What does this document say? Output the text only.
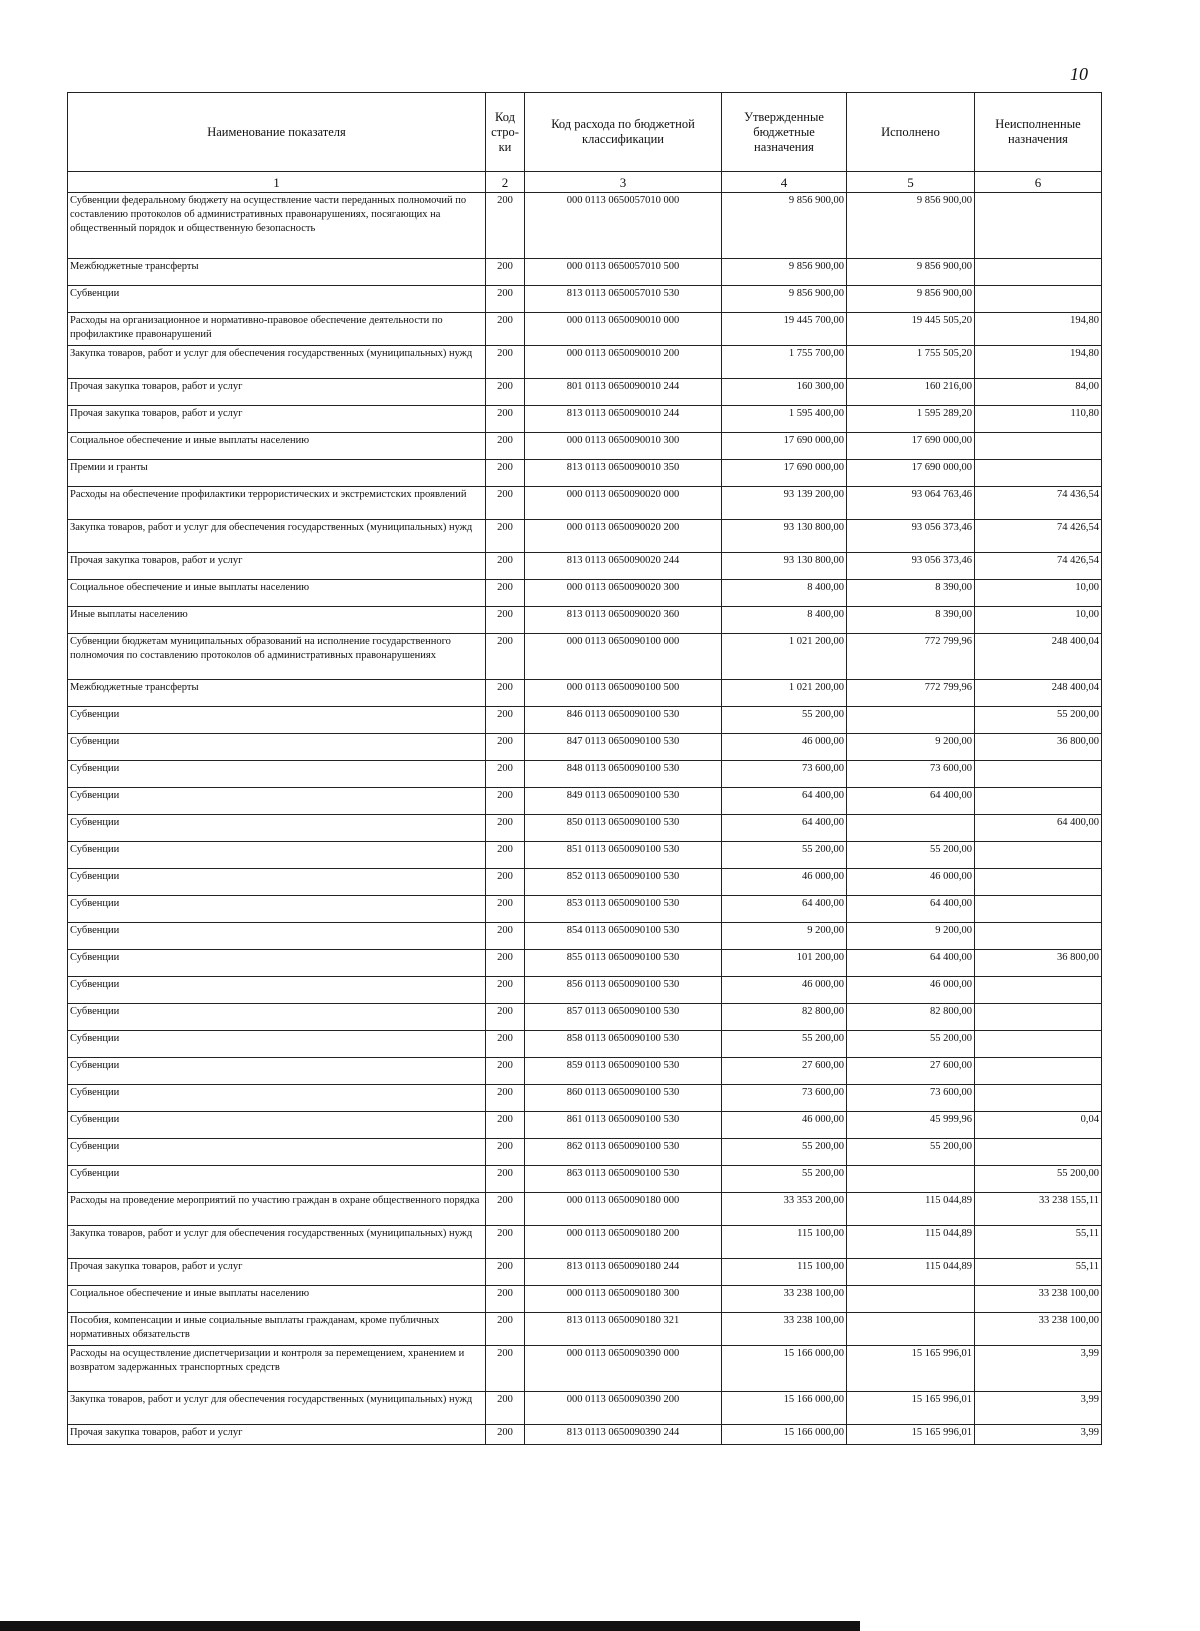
10
Наименование показателя	Код стро-ки	Код расхода по бюджетной классификации	Утвержденные бюджетные назначения	Исполнено	Неисполненные назначения
1	2	3	4	5	6
Субвенции федеральному бюджету на осуществление части переданных полномочий по составлению протоколов об административных правонарушениях, посягающих на общественный порядок и общественную безопасность	200	000 0113 0650057010 000	9 856 900,00	9 856 900,00	
Межбюджетные трансферты	200	000 0113 0650057010 500	9 856 900,00	9 856 900,00	
Субвенции	200	813 0113 0650057010 530	9 856 900,00	9 856 900,00	
Расходы на организационное и нормативно-правовое обеспечение деятельности по профилактике правонарушений	200	000 0113 0650090010 000	19 445 700,00	19 445 505,20	194,80
Закупка товаров, работ и услуг для обеспечения государственных (муниципальных) нужд	200	000 0113 0650090010 200	1 755 700,00	1 755 505,20	194,80
Прочая закупка товаров, работ и услуг	200	801 0113 0650090010 244	160 300,00	160 216,00	84,00
Прочая закупка товаров, работ и услуг	200	813 0113 0650090010 244	1 595 400,00	1 595 289,20	110,80
Социальное обеспечение и иные выплаты населению	200	000 0113 0650090010 300	17 690 000,00	17 690 000,00	
Премии и гранты	200	813 0113 0650090010 350	17 690 000,00	17 690 000,00	
Расходы на обеспечение профилактики террористических и экстремистских проявлений	200	000 0113 0650090020 000	93 139 200,00	93 064 763,46	74 436,54
Закупка товаров, работ и услуг для обеспечения государственных (муниципальных) нужд	200	000 0113 0650090020 200	93 130 800,00	93 056 373,46	74 426,54
Прочая закупка товаров, работ и услуг	200	813 0113 0650090020 244	93 130 800,00	93 056 373,46	74 426,54
Социальное обеспечение и иные выплаты населению	200	000 0113 0650090020 300	8 400,00	8 390,00	10,00
Иные выплаты населению	200	813 0113 0650090020 360	8 400,00	8 390,00	10,00
Субвенции бюджетам муниципальных образований на исполнение государственного полномочия по составлению протоколов об административных правонарушениях	200	000 0113 0650090100 000	1 021 200,00	772 799,96	248 400,04
Межбюджетные трансферты	200	000 0113 0650090100 500	1 021 200,00	772 799,96	248 400,04
Субвенции	200	846 0113 0650090100 530	55 200,00		55 200,00
Субвенции	200	847 0113 0650090100 530	46 000,00	9 200,00	36 800,00
Субвенции	200	848 0113 0650090100 530	73 600,00	73 600,00	
Субвенции	200	849 0113 0650090100 530	64 400,00	64 400,00	
Субвенции	200	850 0113 0650090100 530	64 400,00		64 400,00
Субвенции	200	851 0113 0650090100 530	55 200,00	55 200,00	
Субвенции	200	852 0113 0650090100 530	46 000,00	46 000,00	
Субвенции	200	853 0113 0650090100 530	64 400,00	64 400,00	
Субвенции	200	854 0113 0650090100 530	9 200,00	9 200,00	
Субвенции	200	855 0113 0650090100 530	101 200,00	64 400,00	36 800,00
Субвенции	200	856 0113 0650090100 530	46 000,00	46 000,00	
Субвенции	200	857 0113 0650090100 530	82 800,00	82 800,00	
Субвенции	200	858 0113 0650090100 530	55 200,00	55 200,00	
Субвенции	200	859 0113 0650090100 530	27 600,00	27 600,00	
Субвенции	200	860 0113 0650090100 530	73 600,00	73 600,00	
Субвенции	200	861 0113 0650090100 530	46 000,00	45 999,96	0,04
Субвенции	200	862 0113 0650090100 530	55 200,00	55 200,00	
Субвенции	200	863 0113 0650090100 530	55 200,00		55 200,00
Расходы на проведение мероприятий по участию граждан в охране общественного порядка	200	000 0113 0650090180 000	33 353 200,00	115 044,89	33 238 155,11
Закупка товаров, работ и услуг для обеспечения государственных (муниципальных) нужд	200	000 0113 0650090180 200	115 100,00	115 044,89	55,11
Прочая закупка товаров, работ и услуг	200	813 0113 0650090180 244	115 100,00	115 044,89	55,11
Социальное обеспечение и иные выплаты населению	200	000 0113 0650090180 300	33 238 100,00		33 238 100,00
Пособия, компенсации и иные социальные выплаты гражданам, кроме публичных нормативных обязательств	200	813 0113 0650090180 321	33 238 100,00		33 238 100,00
Расходы на осуществление диспетчеризации и контроля за перемещением, хранением и возвратом задержанных транспортных средств	200	000 0113 0650090390 000	15 166 000,00	15 165 996,01	3,99
Закупка товаров, работ и услуг для обеспечения государственных (муниципальных) нужд	200	000 0113 0650090390 200	15 166 000,00	15 165 996,01	3,99
Прочая закупка товаров, работ и услуг	200	813 0113 0650090390 244	15 166 000,00	15 165 996,01	3,99
